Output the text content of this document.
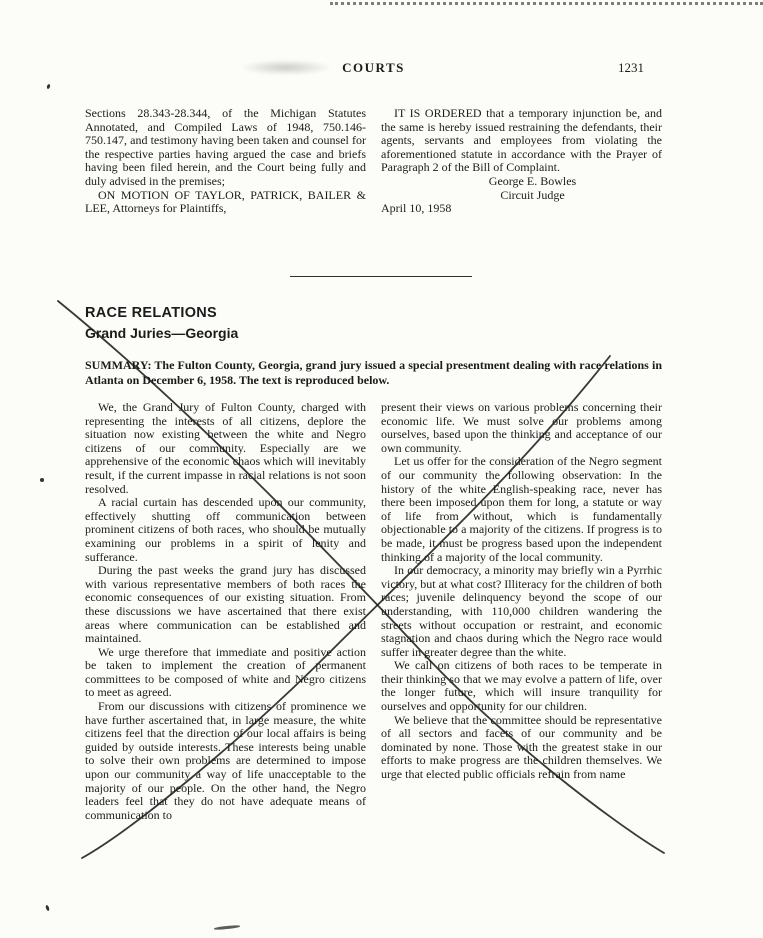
COURTS	1231

Sections 28.343-28.344, of the Michigan Statutes Annotated, and Compiled Laws of 1948, 750.146-750.147, and testimony having been taken and counsel for the respective parties having argued the case and briefs having been filed herein, and the Court being fully and duly advised in the premises;

ON MOTION OF TAYLOR, PATRICK, BAILER & LEE, Attorneys for Plaintiffs,

IT IS ORDERED that a temporary injunction be, and the same is hereby issued restraining the defendants, their agents, servants and employees from violating the aforementioned statute in accordance with the Prayer of Paragraph 2 of the Bill of Complaint.

George E. Bowles

Circuit Judge

April 10, 1958

RACE RELATIONS
Grand Juries—Georgia
SUMMARY: The Fulton County, Georgia, grand jury issued a special presentment dealing with race relations in Atlanta on December 6, 1958. The text is reproduced below.

We, the Grand Jury of Fulton County, charged with representing the interests of all citizens, deplore the situation now existing between the white and Negro citizens of our community. Especially are we apprehensive of the economic chaos which will inevitably result, if the current impasse in racial relations is not soon resolved.

A racial curtain has descended upon our community, effectively shutting off communication between prominent citizens of both races, who should be mutually examining our problems in a spirit of lenity and sufferance.

During the past weeks the grand jury has discussed with various representative members of both races the economic consequences of our existing situation. From these discussions we have ascertained that there exist areas where communication can be established and maintained.

We urge therefore that immediate and positive action be taken to implement the creation of permanent committees to be composed of white and Negro citizens to meet as agreed.

From our discussions with citizens of prominence we have further ascertained that, in large measure, the white citizens feel that the direction of our local affairs is being guided by outside interests. These interests being unable to solve their own problems are determined to impose upon our community a way of life unacceptable to the majority of our people. On the other hand, the Negro leaders feel that they do not have adequate means of communication to

present their views on various problems concerning their economic life. We must solve our problems among ourselves, based upon the thinking and acceptance of our own community.

Let us offer for the consideration of the Negro segment of our community the following observation: In the history of the white English-speaking race, never has there been imposed upon them for long, a statute or way of life from without, which is fundamentally objectionable to a majority of the citizens. If progress is to be made, it must be progress based upon the independent thinking of a majority of the local community.

In our democracy, a minority may briefly win a Pyrrhic victory, but at what cost? Illiteracy for the children of both races; juvenile delinquency beyond the scope of our understanding, with 110,000 children wandering the streets without occupation or restraint, and economic stagnation and chaos during which the Negro race would suffer in greater degree than the white.

We call on citizens of both races to be temperate in their thinking so that we may evolve a pattern of life, over the longer future, which will insure tranquility for ourselves and opportunity for our children.

We believe that the committee should be representative of all sectors and facets of our community and be dominated by none. Those with the greatest stake in our efforts to make progress are the children themselves. We urge that elected public officials refrain from name
